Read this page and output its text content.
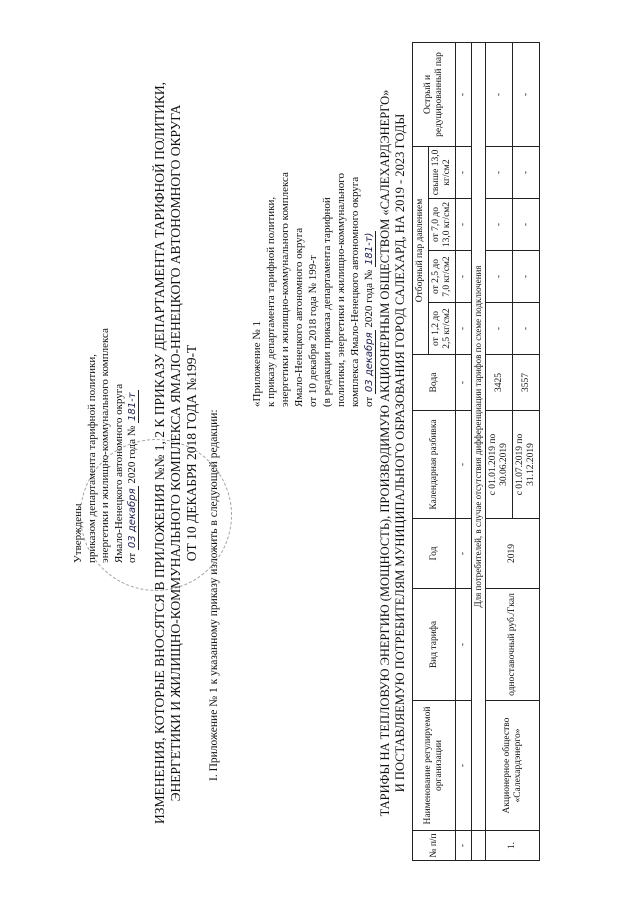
Утверждены приказом департамента тарифной политики, энергетики и жилищно-коммунального комплекса Ямало-Ненецкого автономного округа от 03 декабря 2020 года № 181-т ИЗМЕНЕНИЯ, КОТОРЫЕ ВНОСЯТСЯ В ПРИЛОЖЕНИЯ №№ 1, 2 К ПРИКАЗУ ДЕПАРТАМЕНТА ТАРИФНОЙ ПОЛИТИКИ, ЭНЕРГЕТИКИ И ЖИЛИЩНО-КОММУНАЛЬНОГО КОМПЛЕКСА ЯМАЛО-НЕНЕЦКОГО АВТОНОМНОГО ОКРУГА ОТ 10 ДЕКАБРЯ 2018 ГОДА №199-Т I. Приложение № 1 к указанному приказу изложить в следующей редакции:
«Приложение № 1 к приказу департамента тарифной политики, энергетики и жилищно-коммунального комплекса Ямало-Ненецкого автономного округа от 10 декабря 2018 года № 199-т (в редакции приказа департамента тарифной политики, энергетики и жилищно-коммунального комплекса Ямало-Ненецкого автономного округа от 03 декабря 2020 года № 181-т) ТАРИФЫ НА ТЕПЛОВУЮ ЭНЕРГИЮ (МОЩНОСТЬ), ПРОИЗВОДИМУЮ АКЦИОНЕРНЫМ ОБЩЕСТВОМ «САЛЕХАРДЭНЕРГО» И ПОСТАВЛЯЕМУЮ ПОТРЕБИТЕЛЯМ МУНИЦИПАЛЬНОГО ОБРАЗОВАНИЯ ГОРОД САЛЕХАРД, НА 2019 - 2023 ГОДЫ
№ п/п	Наименование регулируемой организации	Вид тарифа	Год	Календарная разбивка	Вода	Отборный пар давлением				Острый и редуцированный пар
						от 1,2 до 2,5 кг/см2	от 2,5 до 7,0 кг/см2	от 7,0 до 13,0 кг/см2	свыше 13,0 кг/см2	
-	-	-	-	-	-	-	-	-	-	-
	Для потребителей, в случае отсутствия дифференциации тарифов по схеме подключения									
1.	Акционерное общество «Салехардэнерго»	одноставочный руб./Гкал	2019	с 01.01.2019 по 30.06.2019	3425	-	-	-	-	-
				с 01.07.2019 по 31.12.2019	3557	-	-	-	-	-
